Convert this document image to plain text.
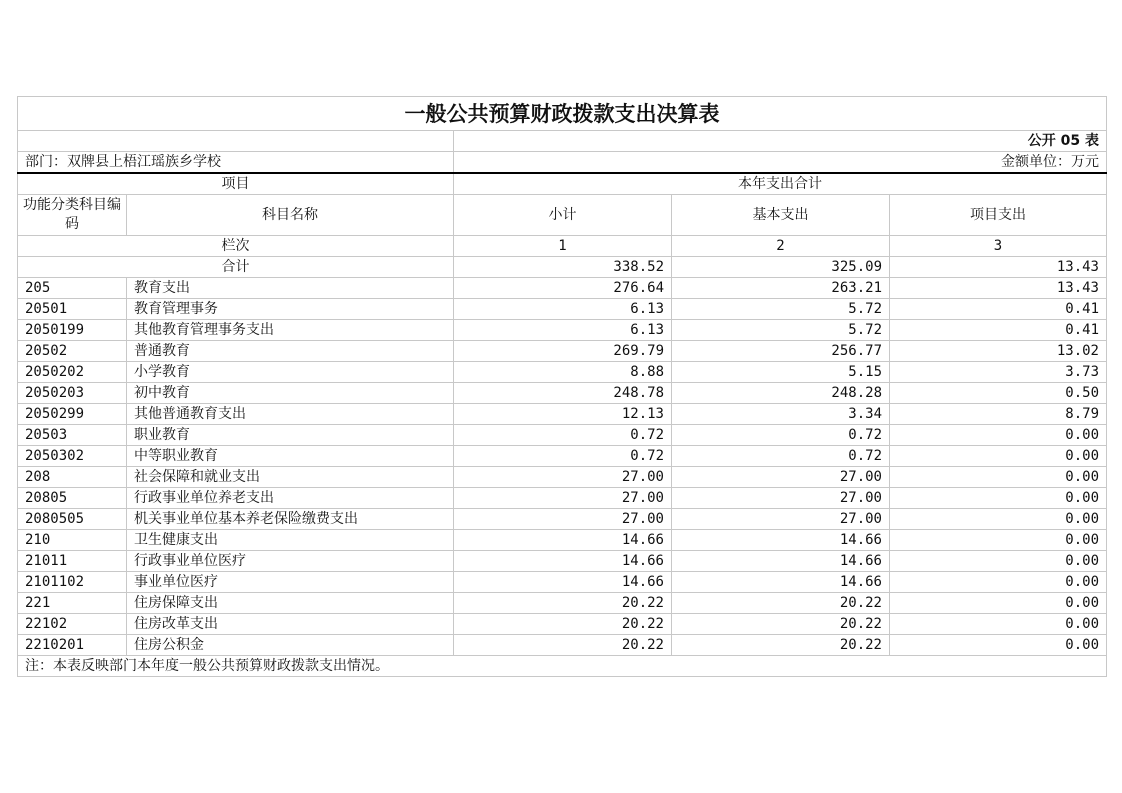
一般公共预算财政拨款支出决算表				
		公开 05 表		
部门：双牌县上梧江瑶族乡学校		金额单位：万元		
项目		本年支出合计		
功能分类科目编码	科目名称	小计	基本支出	项目支出
栏次		1	2	3
合计		338.52	325.09	13.43
205	教育支出	276.64	263.21	13.43
20501	教育管理事务	6.13	5.72	0.41
2050199	其他教育管理事务支出	6.13	5.72	0.41
20502	普通教育	269.79	256.77	13.02
2050202	小学教育	8.88	5.15	3.73
2050203	初中教育	248.78	248.28	0.50
2050299	其他普通教育支出	12.13	3.34	8.79
20503	职业教育	0.72	0.72	0.00
2050302	中等职业教育	0.72	0.72	0.00
208	社会保障和就业支出	27.00	27.00	0.00
20805	行政事业单位养老支出	27.00	27.00	0.00
2080505	机关事业单位基本养老保险缴费支出	27.00	27.00	0.00
210	卫生健康支出	14.66	14.66	0.00
21011	行政事业单位医疗	14.66	14.66	0.00
2101102	事业单位医疗	14.66	14.66	0.00
221	住房保障支出	20.22	20.22	0.00
22102	住房改革支出	20.22	20.22	0.00
2210201	住房公积金	20.22	20.22	0.00
注：本表反映部门本年度一般公共预算财政拨款支出情况。				
